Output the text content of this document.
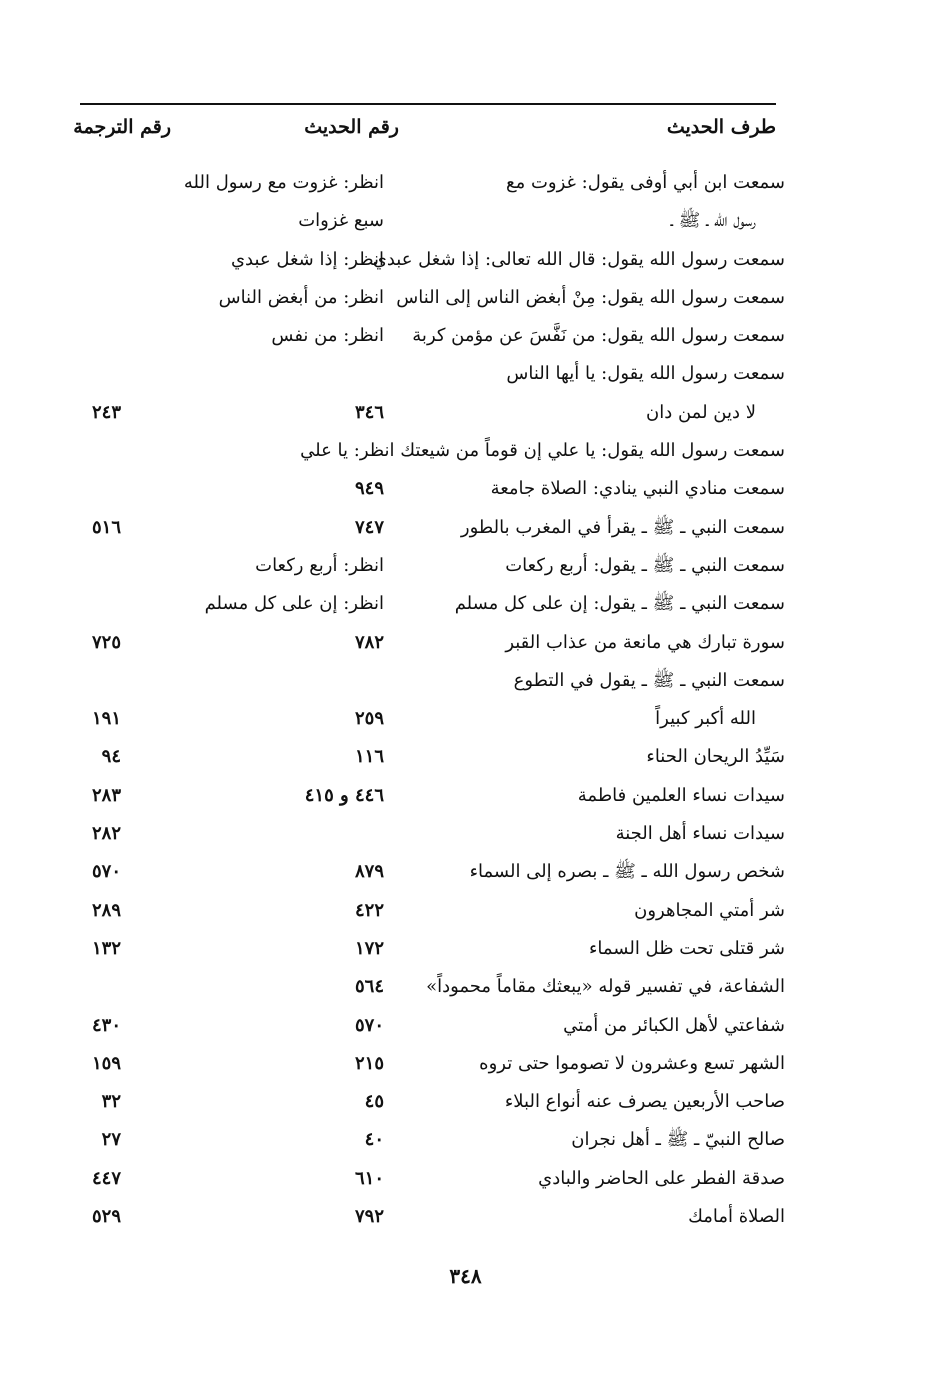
طرف الحديث
رقم الحديث
رقم الترجمة
سمعت ابن أبي أوفى يقول: غزوت مع
انظر: غزوت مع رسول الله
رسول الله ـ ﷺ ـ
سبع غزوات
سمعت رسول الله يقول: قال الله تعالى: إذا شغل عبدي
انظر: إذا شغل عبدي
سمعت رسول الله يقول: مِنْ أبغض الناس إلى الناس
انظر: من أبغض الناس
سمعت رسول الله يقول: من نَفَّسَ عن مؤمن كربة
انظر: من نفس
سمعت رسول الله يقول: يا أيها الناس
لا دين لمن دان
٣٤٦
٢٤٣
سمعت رسول الله يقول: يا علي إن قوماً من شيعتك انظر: يا علي
سمعت منادي النبي ينادي: الصلاة جامعة
٩٤٩
سمعت النبي ـ ﷺ ـ يقرأ في المغرب بالطور
٧٤٧
٥١٦
سمعت النبي ـ ﷺ ـ يقول: أربع ركعات
انظر: أربع ركعات
سمعت النبي ـ ﷺ ـ يقول: إن على كل مسلم
انظر: إن على كل مسلم
سورة تبارك هي مانعة من عذاب القبر
٧٨٢
٧٢٥
سمعت النبي ـ ﷺ ـ يقول في التطوع
الله أكبر كبيراً
٢٥٩
١٩١
سَيِّدُ الريحان الحناء
١١٦
٩٤
سيدات نساء العلمين فاطمة
٤٤٦ و ٤١٥
٢٨٣
سيدات نساء أهل الجنة
٢٨٢
شخص رسول الله ـ ﷺ ـ بصره إلى السماء
٨٧٩
٥٧٠
شر أمتي المجاهرون
٤٢٢
٢٨٩
شر قتلى تحت ظل السماء
١٧٢
١٣٢
الشفاعة، في تفسير قوله «يبعثك مقاماً محموداً»
٥٦٤
شفاعتي لأهل الكبائر من أمتي
٥٧٠
٤٣٠
الشهر تسع وعشرون لا تصوموا حتى تروه
٢١٥
١٥٩
صاحب الأربعين يصرف عنه أنواع البلاء
٤٥
٣٢
صالح النبيّ ـ ﷺ ـ أهل نجران
٤٠
٢٧
صدقة الفطر على الحاضر والبادي
٦١٠
٤٤٧
الصلاة أمامك
٧٩٢
٥٢٩
٣٤٨
